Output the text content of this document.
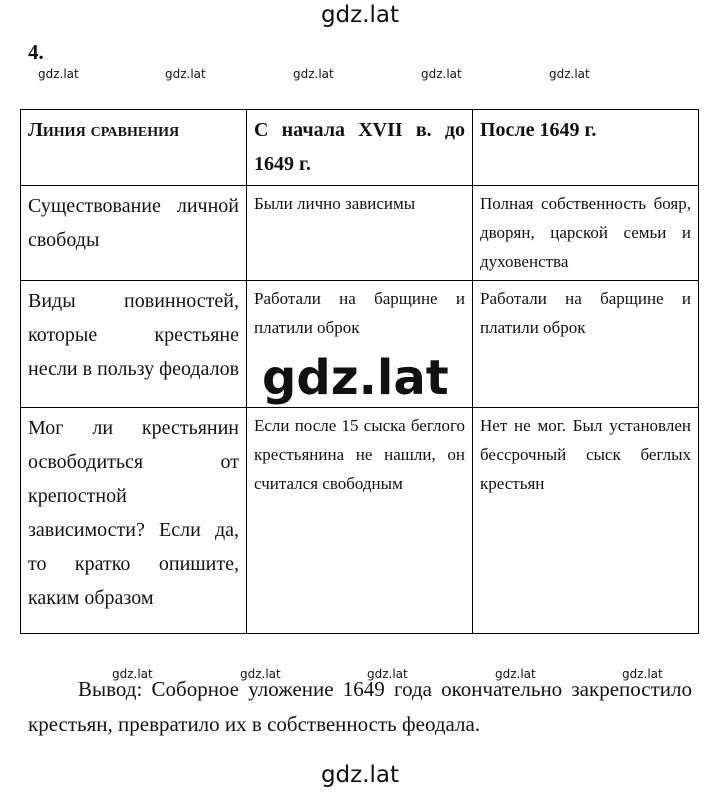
gdz.lat
4.
gdz.lat	gdz.lat	gdz.lat	gdz.lat	gdz.lat
Линия сравнения	С начала XVII в. до 1649 г.	После 1649 г.
Существование личной свободы	Были лично зависимы	Полная собственность бояр, дворян, царской семьи и духовенства
Виды повинностей, которые крестьяне несли в пользу феодалов	Работали на барщине и платили оброк	Работали на барщине и платили оброк
Мог ли крестьянин освободиться от крепостной зависимости? Если да, то кратко опишите, каким образом	Если после 15 сыска беглого крестьянина не нашли, он считался свободным	Нет не мог. Был установлен бессрочный сыск беглых крестьян
gdz.lat
gdz.lat	gdz.lat	gdz.lat	gdz.lat	gdz.lat
Вывод: Соборное уложение 1649 года окончательно закрепостило крестьян, превратило их в собственность феодала.
gdz.lat
